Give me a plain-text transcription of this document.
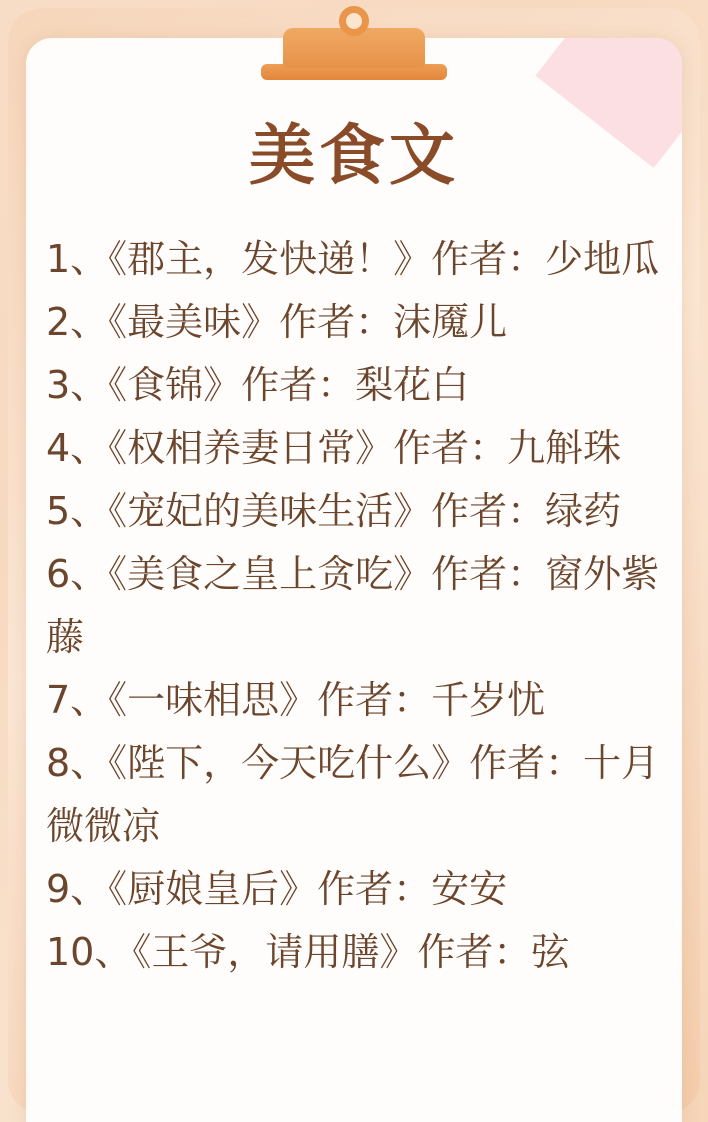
美食文
1、《郡主，发快递！》作者：少地瓜
2、《最美味》作者：沫魇儿
3、《食锦》作者：梨花白
4、《权相养妻日常》作者：九斛珠
5、《宠妃的美味生活》作者：绿药
6、《美食之皇上贪吃》作者：窗外紫藤
7、《一味相思》作者：千岁忧
8、《陛下，今天吃什么》作者：十月微微凉
9、《厨娘皇后》作者：安安
10、《王爷，请用膳》作者：弦
